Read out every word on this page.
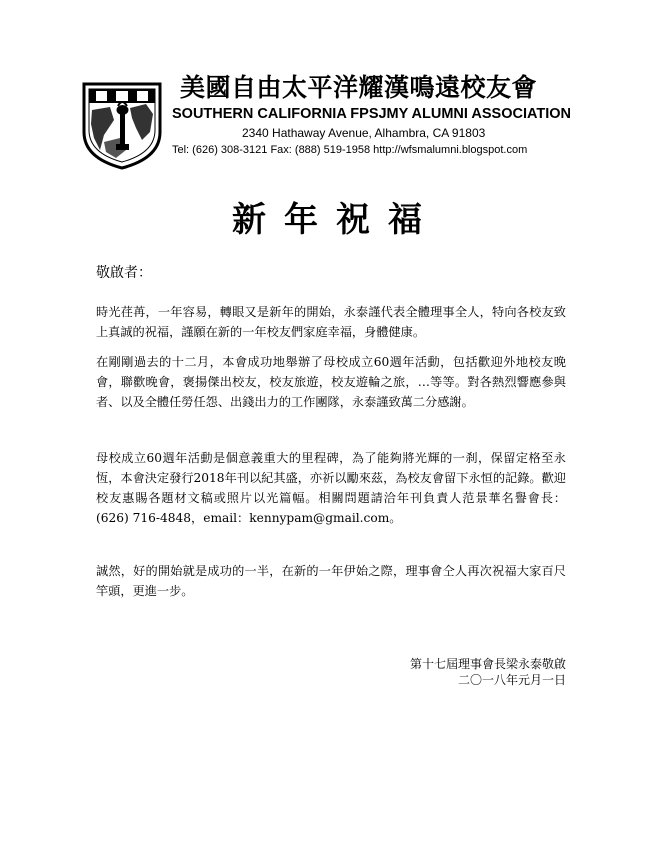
美國自由太平洋耀漢鳴遠校友會
SOUTHERN CALIFORNIA FPSJMY ALUMNI ASSOCIATION
2340 Hathaway Avenue, Alhambra, CA 91803
Tel: (626) 308-3121 Fax: (888) 519-1958 http://wfsmalumni.blogspot.com
新年祝福
敬啟者：
時光荏苒，一年容易，轉眼又是新年的開始，永泰謹代表全體理事全人，特向各校友致上真誠的祝福，謹願在新的一年校友們家庭幸福，身體健康。
在剛剛過去的十二月，本會成功地舉辦了母校成立60週年活動，包括歡迎外地校友晚會，聯歡晚會，褒揚傑出校友，校友旅遊，校友遊輪之旅，…等等。對各熱烈響應參與者、以及全體任勞任怨、出錢出力的工作團隊，永泰謹致萬二分感謝。
母校成立60週年活動是個意義重大的里程碑，為了能夠將光輝的一刹，保留定格至永恆，本會決定發行2018年刊以紀其盛，亦祈以勵來茲，為校友會留下永恒的記錄。歡迎校友惠賜各題材文稿或照片以光篇幅。相關問題請洽年刊負責人范景華名譽會長：(626) 716-4848，email：kennypam@gmail.com。
誠然，好的開始就是成功的一半，在新的一年伊始之際，理事會仝人再次祝福大家百尺竿頭，更進一步。
第十七屆理事會長梁永泰敬啟
二〇一八年元月一日
